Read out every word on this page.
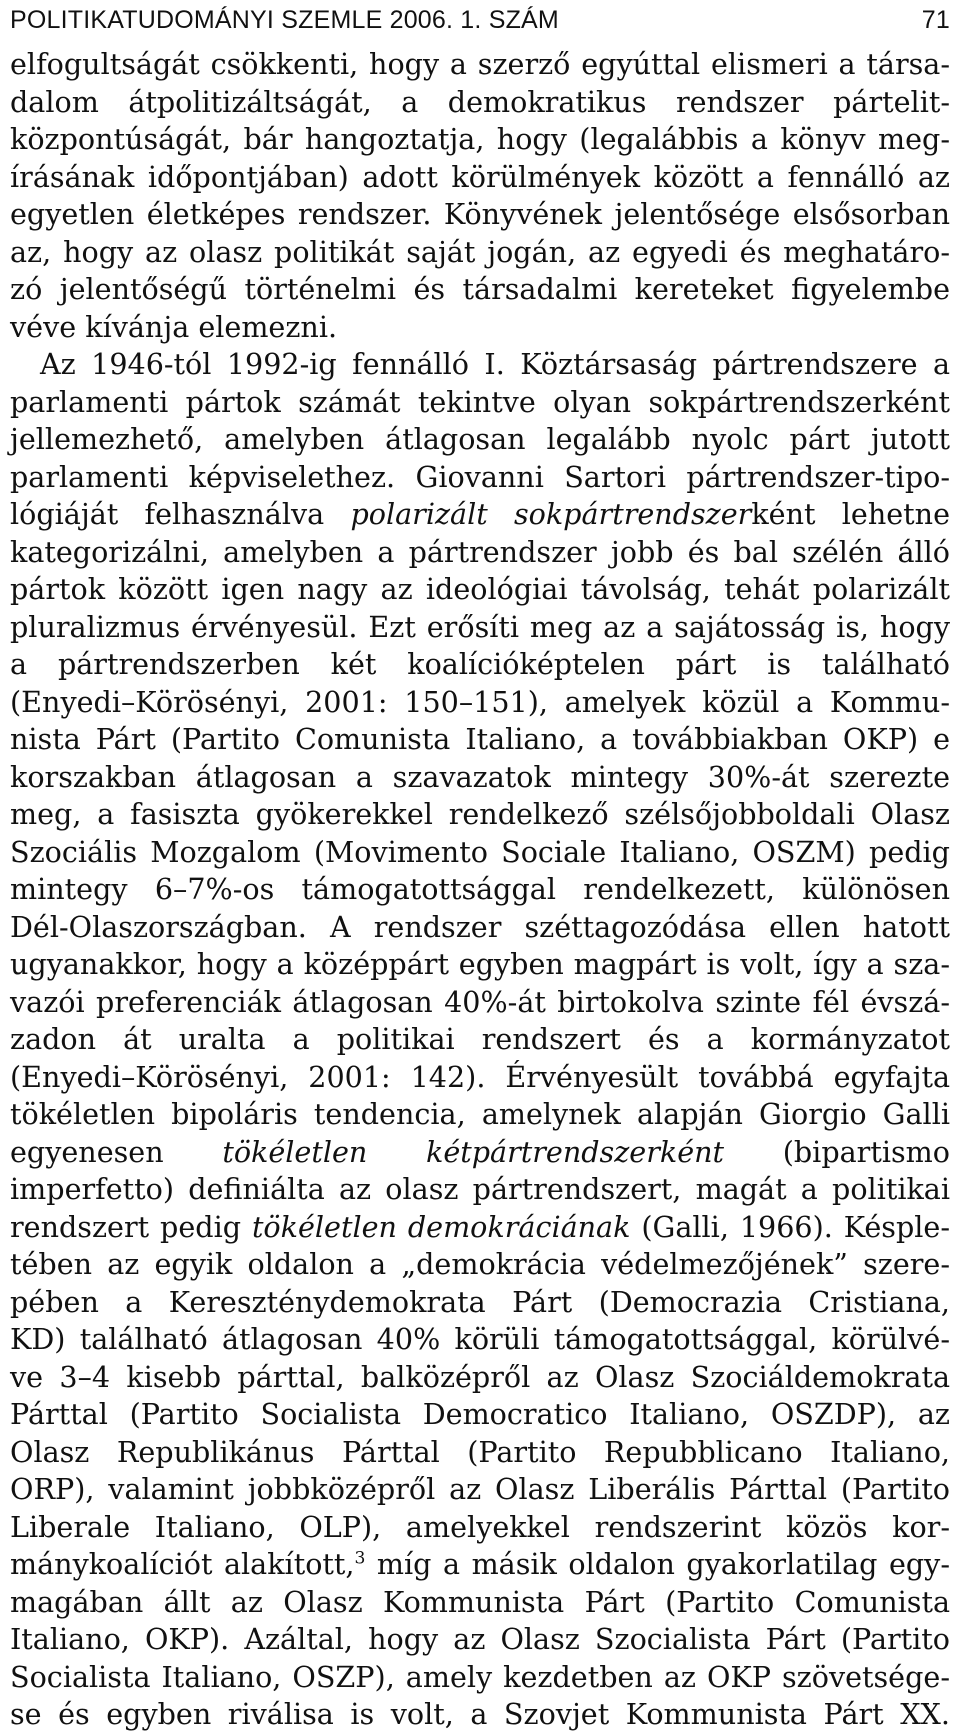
POLITIKATUDOMÁNYI SZEMLE 2006. 1. SZÁM	71
elfogultságát csökkenti, hogy a szerző egyúttal elismeri a társa-
dalom átpolitizáltságát, a demokratikus rendszer pártelit-
központúságát, bár hangoztatja, hogy (legalábbis a könyv meg-
írásának időpontjában) adott körülmények között a fennálló az
egyetlen életképes rendszer. Könyvének jelentősége elsősorban
az, hogy az olasz politikát saját jogán, az egyedi és meghatáro-
zó jelentőségű történelmi és társadalmi kereteket figyelembe
véve kívánja elemezni.
Az 1946-tól 1992-ig fennálló I. Köztársaság pártrendszere a
parlamenti pártok számát tekintve olyan sokpártrendszerként
jellemezhető, amelyben átlagosan legalább nyolc párt jutott
parlamenti képviselethez. Giovanni Sartori pártrendszer-tipo-
lógiáját felhasználva polarizált sokpártrendszerként lehetne
kategorizálni, amelyben a pártrendszer jobb és bal szélén álló
pártok között igen nagy az ideológiai távolság, tehát polarizált
pluralizmus érvényesül. Ezt erősíti meg az a sajátosság is, hogy
a pártrendszerben két koalícióképtelen párt is található
(Enyedi–Körösényi, 2001: 150–151), amelyek közül a Kommu-
nista Párt (Partito Comunista Italiano, a továbbiakban OKP) e
korszakban átlagosan a szavazatok mintegy 30%-át szerezte
meg, a fasiszta gyökerekkel rendelkező szélsőjobboldali Olasz
Szociális Mozgalom (Movimento Sociale Italiano, OSZM) pedig
mintegy 6–7%-os támogatottsággal rendelkezett, különösen
Dél-Olaszországban. A rendszer széttagozódása ellen hatott
ugyanakkor, hogy a középpárt egyben magpárt is volt, így a sza-
vazói preferenciák átlagosan 40%-át birtokolva szinte fél évszá-
zadon át uralta a politikai rendszert és a kormányzatot
(Enyedi–Körösényi, 2001: 142). Érvényesült továbbá egyfajta
tökéletlen bipoláris tendencia, amelynek alapján Giorgio Galli
egyenesen tökéletlen kétpártrendszerként (bipartismo
imperfetto) definiálta az olasz pártrendszert, magát a politikai
rendszert pedig tökéletlen demokráciának (Galli, 1966). Késple-
tében az egyik oldalon a „demokrácia védelmezőjének” szere-
pében a Kereszténydemokrata Párt (Democrazia Cristiana,
KD) található átlagosan 40% körüli támogatottsággal, körülvé-
ve 3–4 kisebb párttal, balközépről az Olasz Szociáldemokrata
Párttal (Partito Socialista Democratico Italiano, OSZDP), az
Olasz Republikánus Párttal (Partito Repubblicano Italiano,
ORP), valamint jobbközépről az Olasz Liberális Párttal (Partito
Liberale Italiano, OLP), amelyekkel rendszerint közös kor-
mánykoalíciót alakított,$^3$ míg a másik oldalon gyakorlatilag egy-
magában állt az Olasz Kommunista Párt (Partito Comunista
Italiano, OKP). Azáltal, hogy az Olasz Szocialista Párt (Partito
Socialista Italiano, OSZP), amely kezdetben az OKP szövetsége-
se és egyben riválisa is volt, a Szovjet Kommunista Párt XX.
